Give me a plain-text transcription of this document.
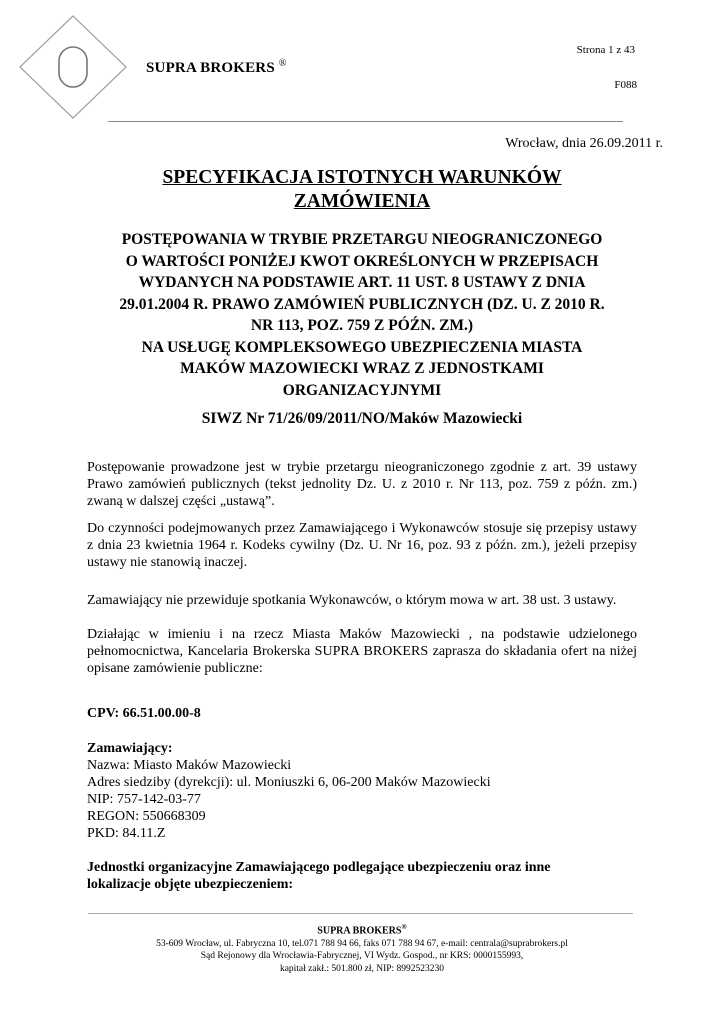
SUPRA BROKERS ®
Strona 1 z 43
F088
Wrocław, dnia 26.09.2011 r.
SPECYFIKACJA ISTOTNYCH WARUNKÓW
ZAMÓWIENIA
POSTĘPOWANIA W TRYBIE PRZETARGU NIEOGRANICZONEGO
O WARTOŚCI PONIŻEJ KWOT OKREŚLONYCH W PRZEPISACH
WYDANYCH NA PODSTAWIE ART. 11 UST. 8 USTAWY Z DNIA
29.01.2004 R. PRAWO ZAMÓWIEŃ PUBLICZNYCH (DZ. U. Z 2010 R.
NR 113, POZ. 759 Z PÓŹN. ZM.)
NA USŁUGĘ KOMPLEKSOWEGO UBEZPIECZENIA MIASTA
MAKÓW MAZOWIECKI WRAZ Z JEDNOSTKAMI
ORGANIZACYJNYMI
SIWZ Nr 71/26/09/2011/NO/Maków Mazowiecki
Postępowanie prowadzone jest w trybie przetargu nieograniczonego zgodnie z art. 39 ustawy Prawo zamówień publicznych (tekst jednolity Dz. U. z 2010 r. Nr 113, poz. 759 z późn. zm.) zwaną w dalszej części „ustawą”.
Do czynności podejmowanych przez Zamawiającego i Wykonawców stosuje się przepisy ustawy z dnia 23 kwietnia 1964 r. Kodeks cywilny (Dz. U. Nr 16, poz. 93 z późn. zm.), jeżeli przepisy ustawy nie stanowią inaczej.
Zamawiający nie przewiduje spotkania Wykonawców, o którym mowa w art. 38 ust. 3 ustawy.
Działając w imieniu i na rzecz Miasta Maków Mazowiecki , na podstawie udzielonego pełnomocnictwa, Kancelaria Brokerska SUPRA BROKERS zaprasza do składania ofert na niżej opisane zamówienie publiczne:
CPV: 66.51.00.00-8
Zamawiający:
Nazwa: Miasto Maków Mazowiecki
Adres siedziby (dyrekcji): ul. Moniuszki 6, 06-200 Maków Mazowiecki
NIP: 757-142-03-77
REGON: 550668309
PKD: 84.11.Z
Jednostki organizacyjne Zamawiającego podlegające ubezpieczeniu oraz inne
lokalizacje objęte ubezpieczeniem:
SUPRA BROKERS®
53-609 Wrocław, ul. Fabryczna 10, tel.071 788 94 66, faks 071 788 94 67, e-mail: centrala@suprabrokers.pl
Sąd Rejonowy dla Wrocławia-Fabrycznej, VI Wydz. Gospod., nr KRS: 0000155993,
kapitał zakł.: 501.800 zł, NIP: 8992523230
